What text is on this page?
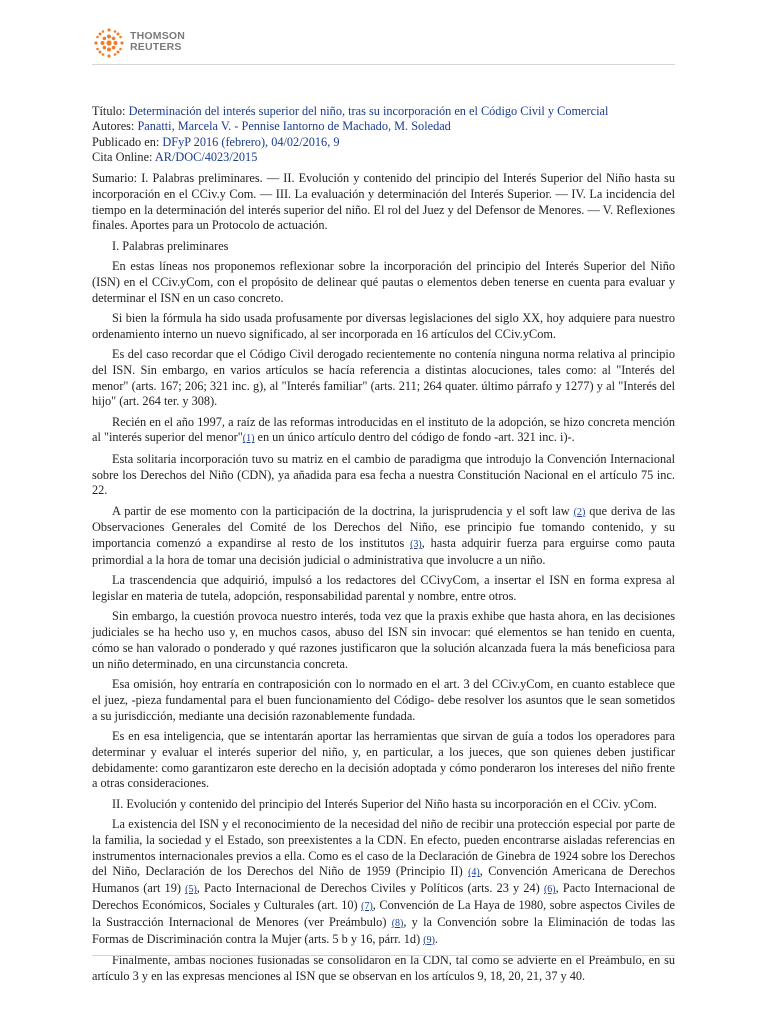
THOMSON
REUTERS
Título: Determinación del interés superior del niño, tras su incorporación en el Código Civil y Comercial
Autores: Panatti, Marcela V. - Pennise Iantorno de Machado, M. Soledad
Publicado en: DFyP 2016 (febrero), 04/02/2016, 9
Cita Online: AR/DOC/4023/2015

Sumario: I. Palabras preliminares. — II. Evolución y contenido del principio del Interés Superior del Niño hasta su incorporación en el CCiv.y Com. — III. La evaluación y determinación del Interés Superior. — IV. La incidencia del tiempo en la determinación del interés superior del niño. El rol del Juez y del Defensor de Menores. — V. Reflexiones finales. Aportes para un Protocolo de actuación.

I. Palabras preliminares

En estas líneas nos proponemos reflexionar sobre la incorporación del principio del Interés Superior del Niño (ISN) en el CCiv.yCom, con el propósito de delinear qué pautas o elementos deben tenerse en cuenta para evaluar y determinar el ISN en un caso concreto.

Si bien la fórmula ha sido usada profusamente por diversas legislaciones del siglo XX, hoy adquiere para nuestro ordenamiento interno un nuevo significado, al ser incorporada en 16 artículos del CCiv.yCom.

Es del caso recordar que el Código Civil derogado recientemente no contenía ninguna norma relativa al principio del ISN. Sin embargo, en varios artículos se hacía referencia a distintas alocuciones, tales como: al "Interés del menor" (arts. 167; 206; 321 inc. g), al "Interés familiar" (arts. 211; 264 quater. último párrafo y 1277) y al "Interés del hijo" (art. 264 ter. y 308).

Recién en el año 1997, a raíz de las reformas introducidas en el instituto de la adopción, se hizo concreta mención al "interés superior del menor"(1) en un único artículo dentro del código de fondo -art. 321 inc. i)-.

Esta solitaria incorporación tuvo su matriz en el cambio de paradigma que introdujo la Convención Internacional sobre los Derechos del Niño (CDN), ya añadida para esa fecha a nuestra Constitución Nacional en el artículo 75 inc. 22.

A partir de ese momento con la participación de la doctrina, la jurisprudencia y el soft law (2) que deriva de las Observaciones Generales del Comité de los Derechos del Niño, ese principio fue tomando contenido, y su importancia comenzó a expandirse al resto de los institutos (3), hasta adquirir fuerza para erguirse como pauta primordial a la hora de tomar una decisión judicial o administrativa que involucre a un niño.

La trascendencia que adquirió, impulsó a los redactores del CCivyCom, a insertar el ISN en forma expresa al legislar en materia de tutela, adopción, responsabilidad parental y nombre, entre otros.

Sin embargo, la cuestión provoca nuestro interés, toda vez que la praxis exhibe que hasta ahora, en las decisiones judiciales se ha hecho uso y, en muchos casos, abuso del ISN sin invocar: qué elementos se han tenido en cuenta, cómo se han valorado o ponderado y qué razones justificaron que la solución alcanzada fuera la más beneficiosa para un niño determinado, en una circunstancia concreta.

Esa omisión, hoy entraría en contraposición con lo normado en el art. 3 del CCiv.yCom, en cuanto establece que el juez, -pieza fundamental para el buen funcionamiento del Código- debe resolver los asuntos que le sean sometidos a su jurisdicción, mediante una decisión razonablemente fundada.

Es en esa inteligencia, que se intentarán aportar las herramientas que sirvan de guía a todos los operadores para determinar y evaluar el interés superior del niño, y, en particular, a los jueces, que son quienes deben justificar debidamente: como garantizaron este derecho en la decisión adoptada y cómo ponderaron los intereses del niño frente a otras consideraciones.

II. Evolución y contenido del principio del Interés Superior del Niño hasta su incorporación en el CCiv. yCom.

La existencia del ISN y el reconocimiento de la necesidad del niño de recibir una protección especial por parte de la familia, la sociedad y el Estado, son preexistentes a la CDN. En efecto, pueden encontrarse aisladas referencias en instrumentos internacionales previos a ella. Como es el caso de la Declaración de Ginebra de 1924 sobre los Derechos del Niño, Declaración de los Derechos del Niño de 1959 (Principio II) (4), Convención Americana de Derechos Humanos (art 19) (5), Pacto Internacional de Derechos Civiles y Políticos (arts. 23 y 24) (6), Pacto Internacional de Derechos Económicos, Sociales y Culturales (art. 10) (7), Convención de La Haya de 1980, sobre aspectos Civiles de la Sustracción Internacional de Menores (ver Preámbulo) (8), y la Convención sobre la Eliminación de todas las Formas de Discriminación contra la Mujer (arts. 5 b y 16, párr. 1d) (9).

Finalmente, ambas nociones fusionadas se consolidaron en la CDN, tal como se advierte en el Preámbulo, en su artículo 3 y en las expresas menciones al ISN que se observan en los artículos 9, 18, 20, 21, 37 y 40.
